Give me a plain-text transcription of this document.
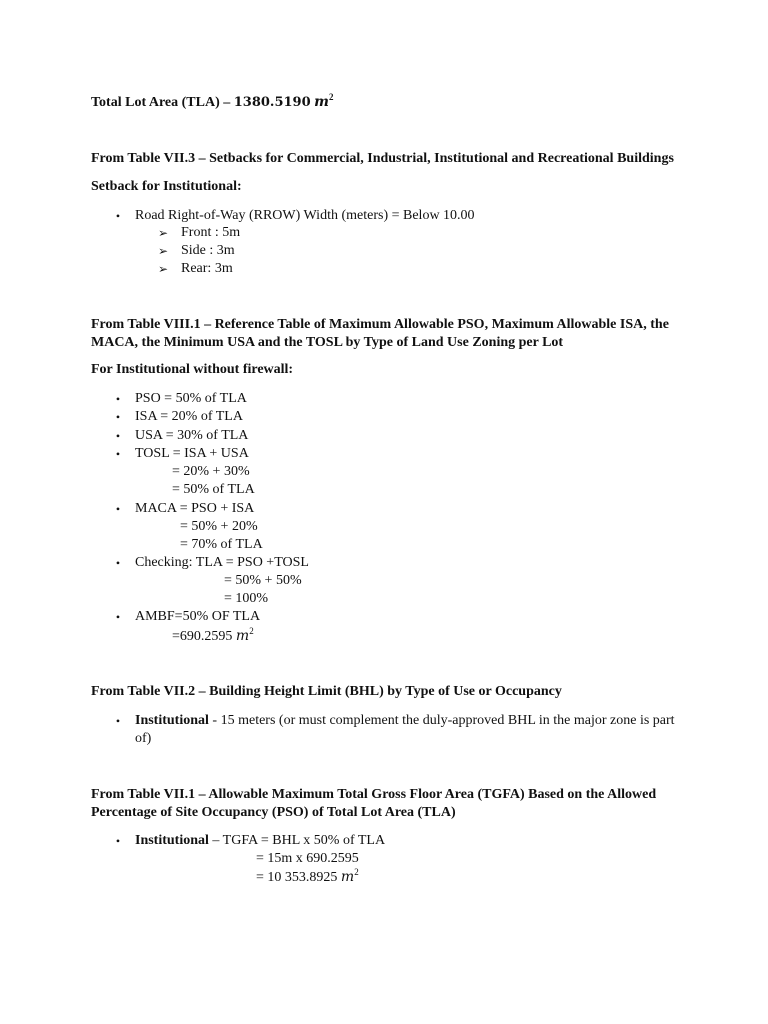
Total Lot Area (TLA) – 1380.5190 $m^2$
From Table VII.3 – Setbacks for Commercial, Industrial, Institutional and Recreational Buildings
Setback for Institutional:
• Road Right-of-Way (RROW) Width (meters) = Below 10.00
➢ Front : 5m
➢ Side : 3m
➢ Rear: 3m
From Table VIII.1 – Reference Table of Maximum Allowable PSO, Maximum Allowable ISA, the
MACA, the Minimum USA and the TOSL by Type of Land Use Zoning per Lot
For Institutional without firewall:
• PSO = 50% of TLA
• ISA = 20% of TLA
• USA = 30% of TLA
• TOSL = ISA + USA
= 20% + 30%
= 50% of TLA
• MACA = PSO + ISA
= 50% + 20%
= 70% of TLA
• Checking: TLA = PSO +TOSL
= 50% + 50%
= 100%
• AMBF=50% OF TLA
=690.2595 $m^2$
From Table VII.2 – Building Height Limit (BHL) by Type of Use or Occupancy
• Institutional - 15 meters (or must complement the duly-approved BHL in the major zone is part
of)
From Table VII.1 – Allowable Maximum Total Gross Floor Area (TGFA) Based on the Allowed
Percentage of Site Occupancy (PSO) of Total Lot Area (TLA)
• Institutional – TGFA = BHL x 50% of TLA
= 15m x 690.2595
= 10 353.8925 $m^2$
